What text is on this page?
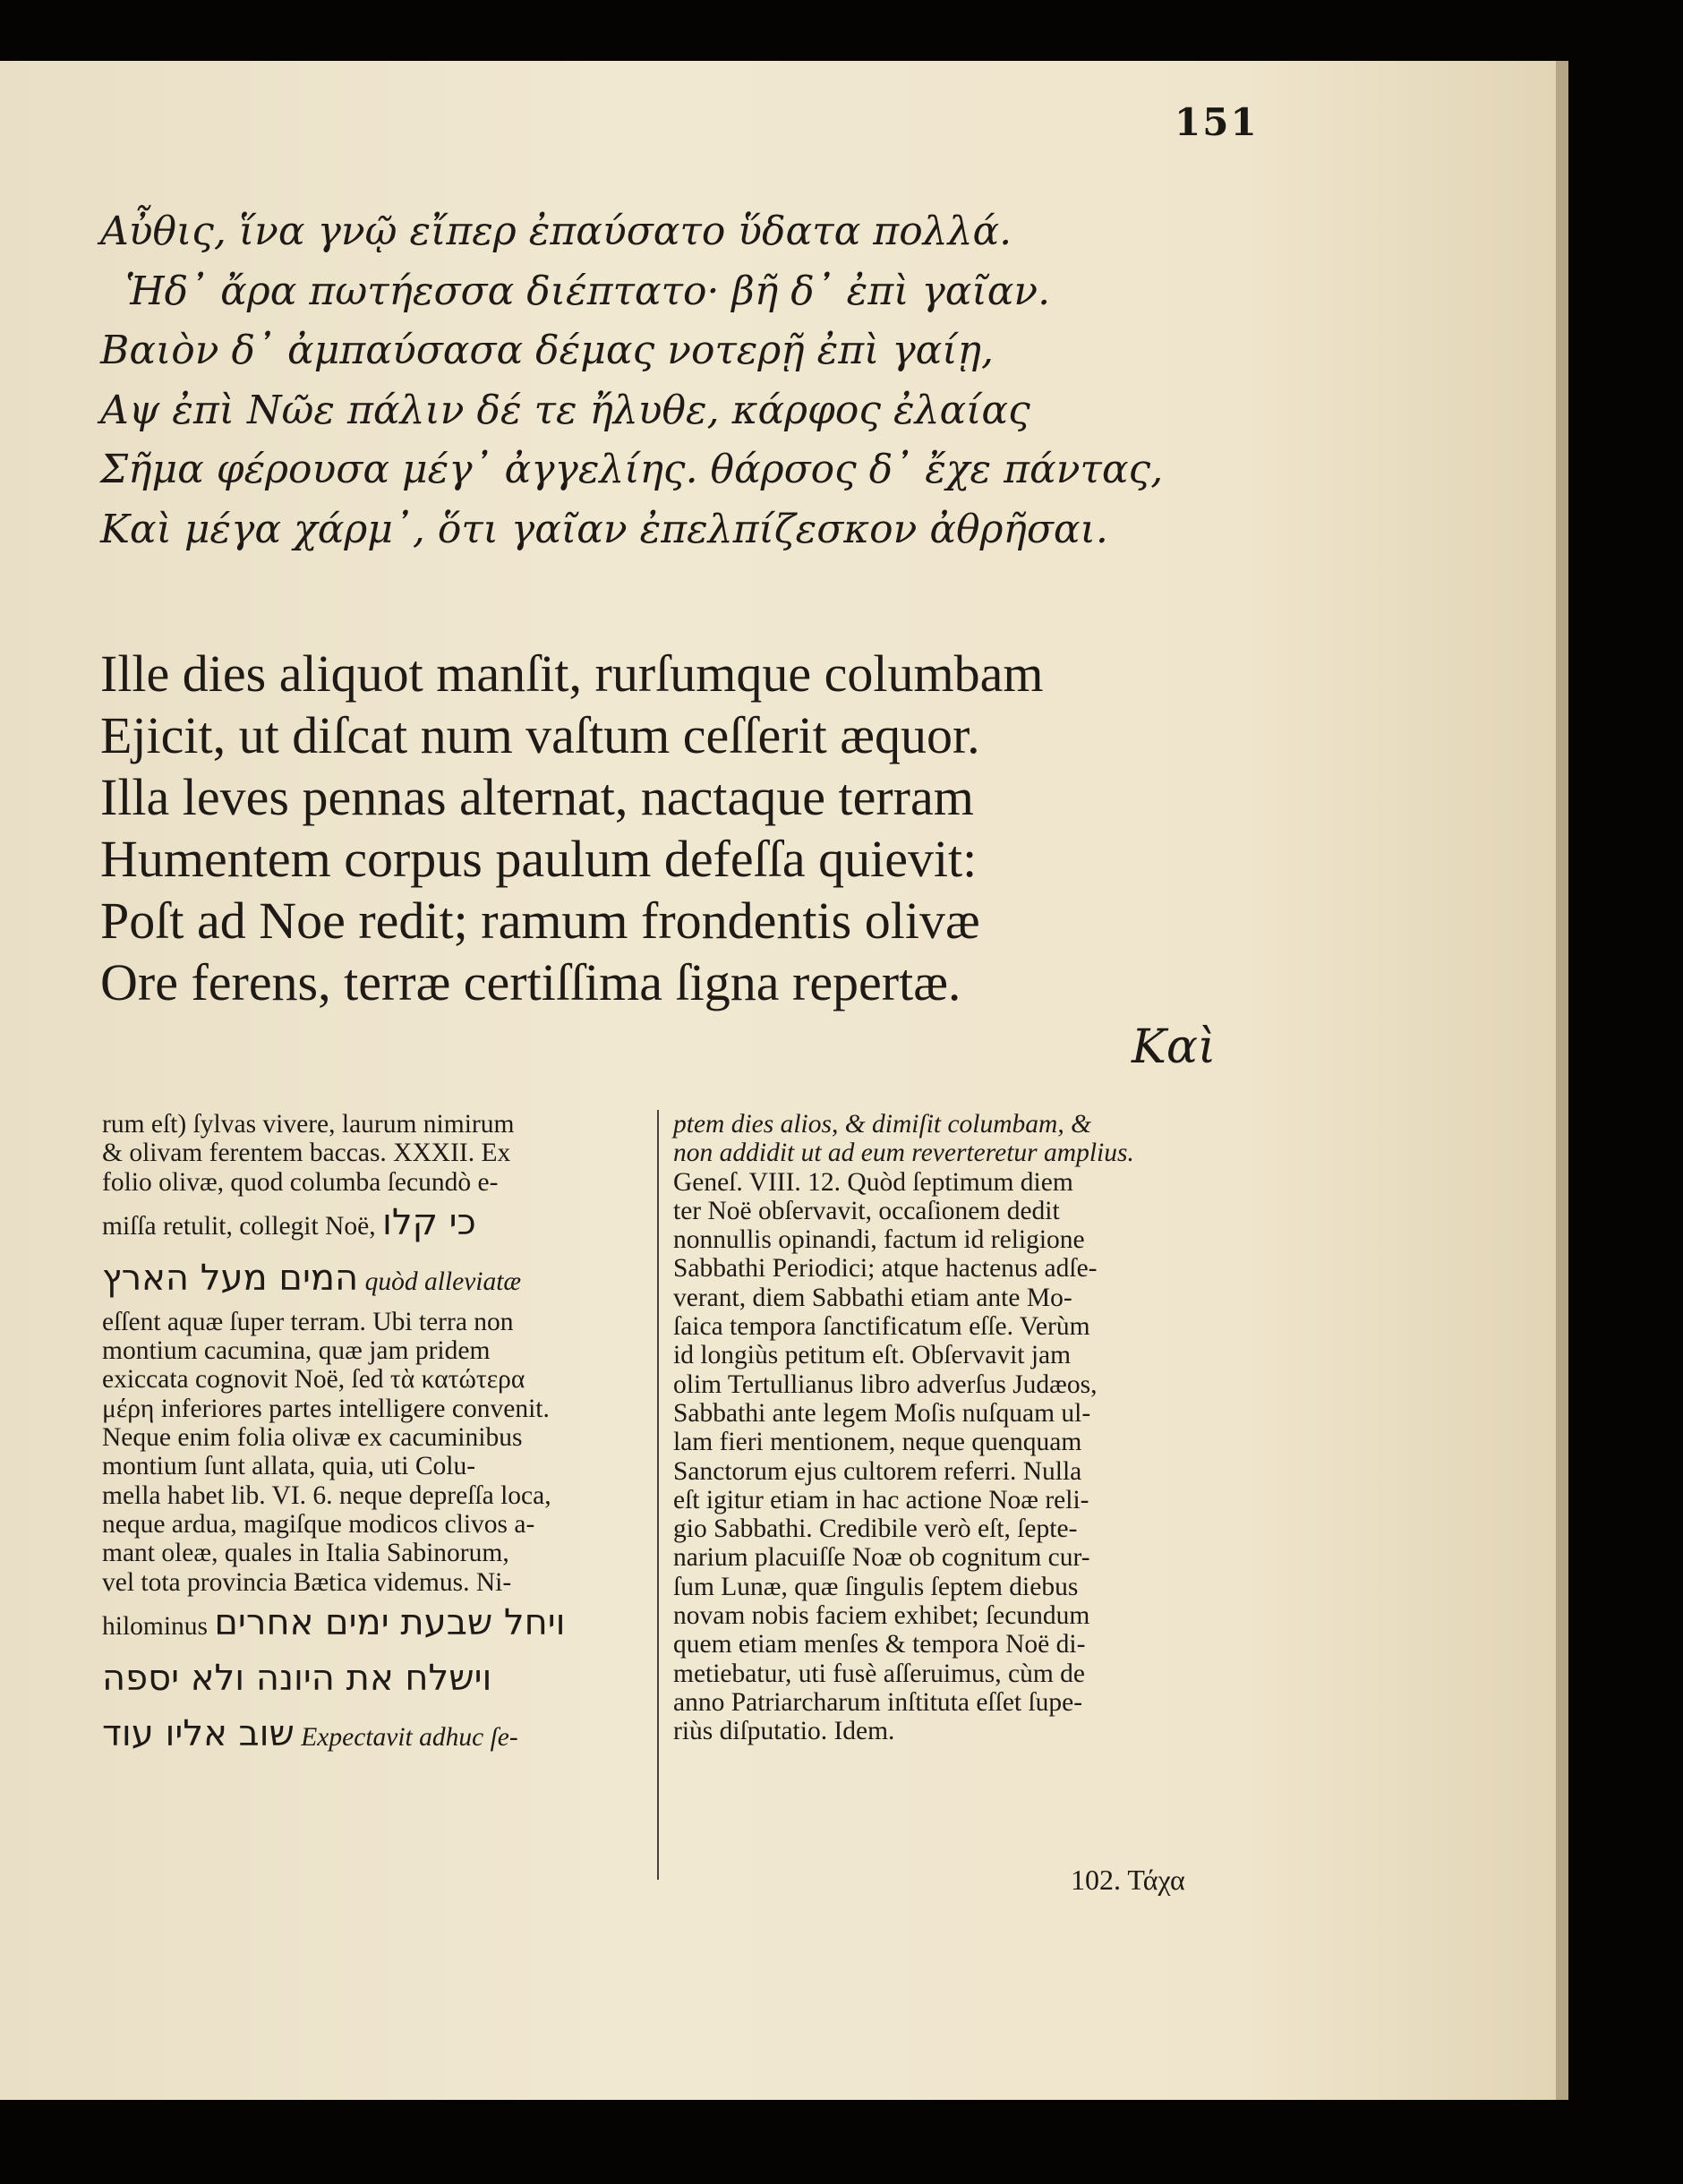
151
Αὖθις, ἵνα γνῷ εἴπερ ἐπαύσατο ὕδατα πολλά.
Ἡδ᾽ ἄρα πωτήεσσα διέπτατο· βῆ δ᾽ ἐπὶ γαῖαν.
Βαιὸν δ᾽ ἀμπαύσασα δέμας νοτερῇ ἐπὶ γαίῃ,
Αψ ἐπὶ Νῶε πάλιν δέ τε ἤλυθε, κάρφος ἐλαίας
Σῆμα φέρουσα μέγ᾽ ἀγγελίης. θάρσος δ᾽ ἔχε πάντας,
Καὶ μέγα χάρμ᾽, ὅτι γαῖαν ἐπελπίζεσκον ἀθρῆσαι.
Ille dies aliquot manſit, rurſumque columbam
Ejicit, ut diſcat num vaſtum ceſſerit æquor.
Illa leves pennas alternat, nactaque terram
Humentem corpus paulum defeſſa quievit:
Poſt ad Noe redit; ramum frondentis olivæ
Ore ferens, terræ certiſſima ſigna repertæ.
Καὶ
rum eſt) ſylvas vivere, laurum nimirum
& olivam ferentem baccas. XXXII. Ex
folio olivæ, quod columba ſecundò e-
miſſa retulit, collegit Noë, כי קלו
המים מעל הארץ quòd alleviatæ
eſſent aquæ ſuper terram. Ubi terra non
montium cacumina, quæ jam pridem
exiccata cognovit Noë, ſed τὰ κατώτερα
μέρη inferiores partes intelligere convenit.
Neque enim folia olivæ ex cacuminibus
montium ſunt allata, quia, uti Colu-
mella habet lib. VI. 6. neque depreſſa loca,
neque ardua, magiſque modicos clivos a-
mant oleæ, quales in Italia Sabinorum,
vel tota provincia Bætica videmus. Ni-
hilominus ויחל שבעת ימים אחרים
וישלח את היונה ולא יספה
שוב אליו עוד Expectavit adhuc ſe-
ptem dies alios, & dimiſit columbam, &
non addidit ut ad eum reverteretur amplius.
Geneſ. VIII. 12. Quòd ſeptimum diem
ter Noë obſervavit, occaſionem dedit
nonnullis opinandi, factum id religione
Sabbathi Periodici; atque hactenus adſe-
verant, diem Sabbathi etiam ante Mo-
ſaica tempora ſanctificatum eſſe. Verùm
id longiùs petitum eſt. Obſervavit jam
olim Tertullianus libro adverſus Judæos,
Sabbathi ante legem Moſis nuſquam ul-
lam fieri mentionem, neque quenquam
Sanctorum ejus cultorem referri. Nulla
eſt igitur etiam in hac actione Noæ reli-
gio Sabbathi. Credibile verò eſt, ſepte-
narium placuiſſe Noæ ob cognitum cur-
ſum Lunæ, quæ ſingulis ſeptem diebus
novam nobis faciem exhibet; ſecundum
quem etiam menſes & tempora Noë di-
metiebatur, uti fusè aſſeruimus, cùm de
anno Patriarcharum inſtituta eſſet ſupe-
riùs diſputatio. Idem.
102. Τάχα
